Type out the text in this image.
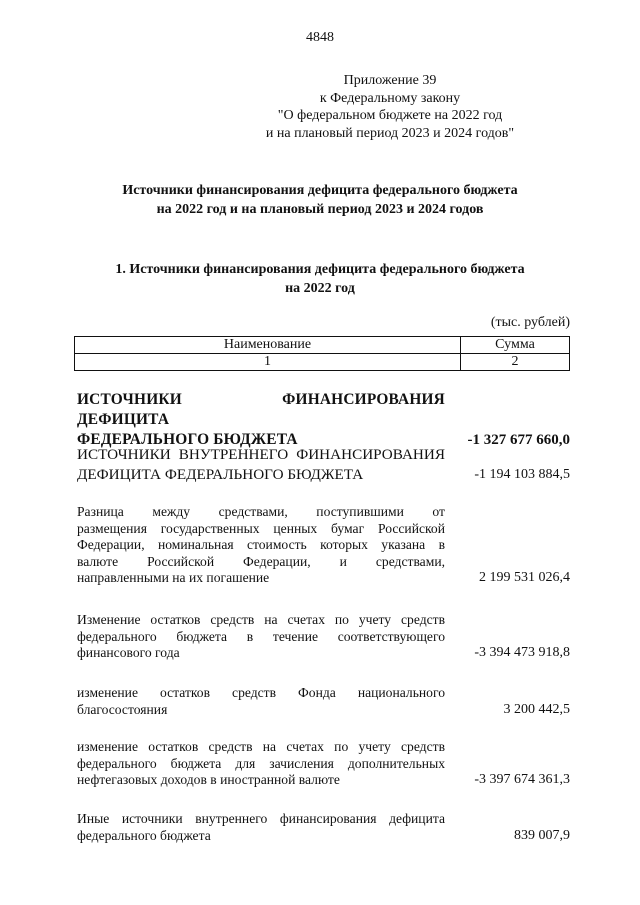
4848
Приложение 39
к Федеральному закону
"О федеральном бюджете на 2022 год
и на плановый период 2023 и 2024 годов"
Источники финансирования дефицита федерального бюджета
на 2022 год и на плановый период 2023 и 2024 годов
1. Источники финансирования дефицита федерального бюджета
на 2022 год
(тыс. рублей)
Наименование	Сумма
1	2
ИСТОЧНИКИ ФИНАНСИРОВАНИЯ ДЕФИЦИТА
ФЕДЕРАЛЬНОГО БЮДЖЕТА	-1 327 677 660,0
ИСТОЧНИКИ ВНУТРЕННЕГО ФИНАНСИРОВАНИЯ
ДЕФИЦИТА ФЕДЕРАЛЬНОГО БЮДЖЕТА	-1 194 103 884,5
Разница между средствами, поступившими от
размещения государственных ценных бумаг Российской
Федерации, номинальная стоимость которых указана в
валюте Российской Федерации, и средствами,
направленными на их погашение	2 199 531 026,4
Изменение остатков средств на счетах по учету средств
федерального бюджета в течение соответствующего
финансового года	-3 394 473 918,8
изменение остатков средств Фонда национального
благосостояния	3 200 442,5
изменение остатков средств на счетах по учету средств
федерального бюджета для зачисления дополнительных
нефтегазовых доходов в иностранной валюте	-3 397 674 361,3
Иные источники внутреннего финансирования дефицита
федерального бюджета	839 007,9
